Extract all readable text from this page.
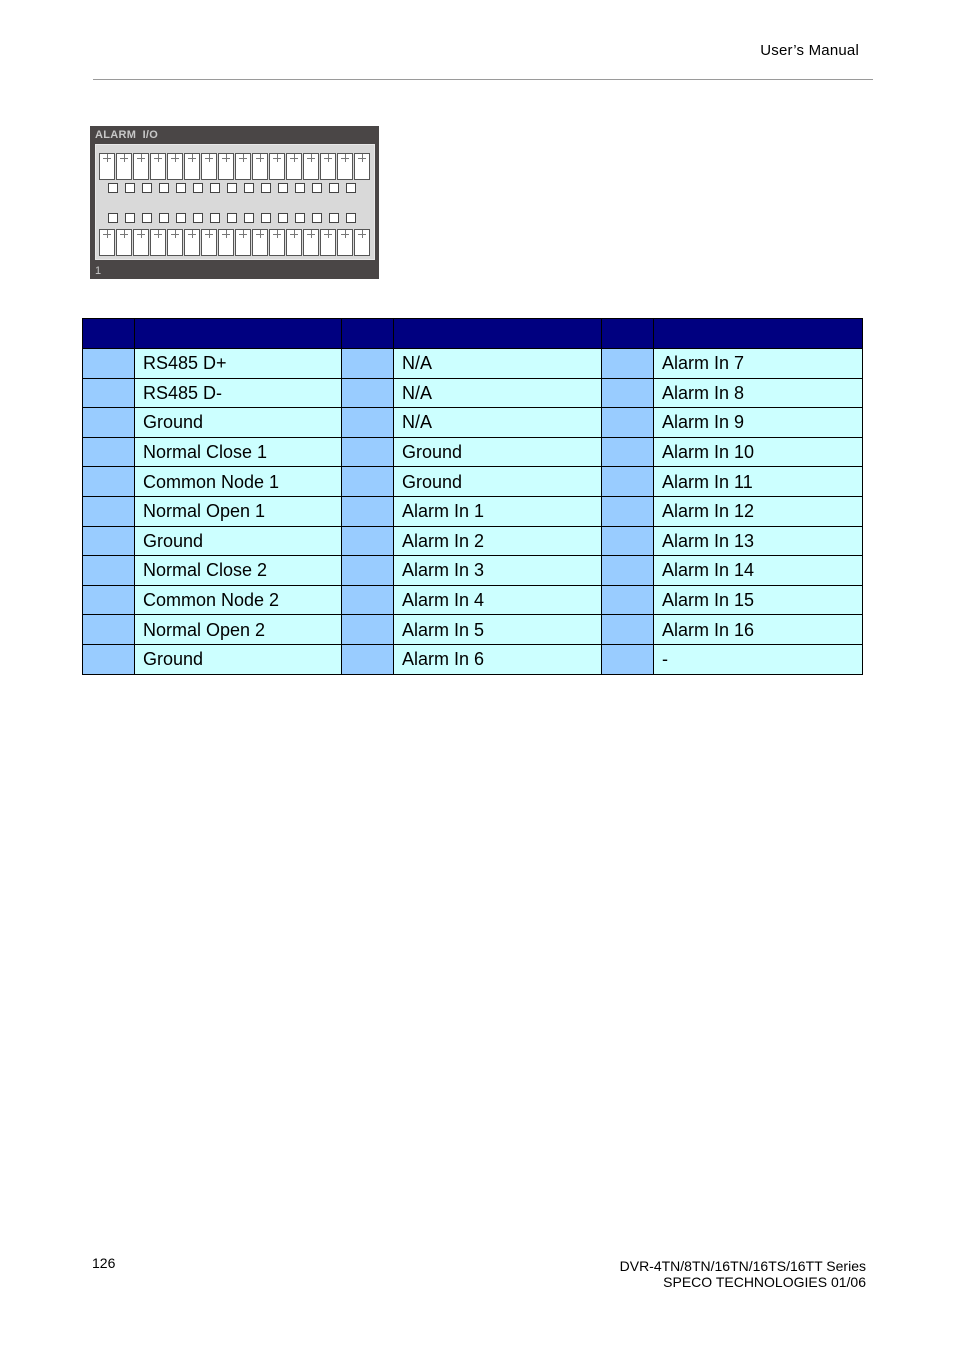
User’s Manual
ALARM I/O
1

	RS485 D+		N/A		Alarm In 7
	RS485 D-		N/A		Alarm In 8
	Ground		N/A		Alarm In 9
	Normal Close 1		Ground		Alarm In 10
	Common Node 1		Ground		Alarm In 11
	Normal Open 1		Alarm In 1		Alarm In 12
	Ground		Alarm In 2		Alarm In 13
	Normal Close 2		Alarm In 3		Alarm In 14
	Common Node 2		Alarm In 4		Alarm In 15
	Normal Open 2		Alarm In 5		Alarm In 16
	Ground		Alarm In 6		-
126	DVR-4TN/8TN/16TN/16TS/16TT Series
SPECO TECHNOLOGIES 01/06
